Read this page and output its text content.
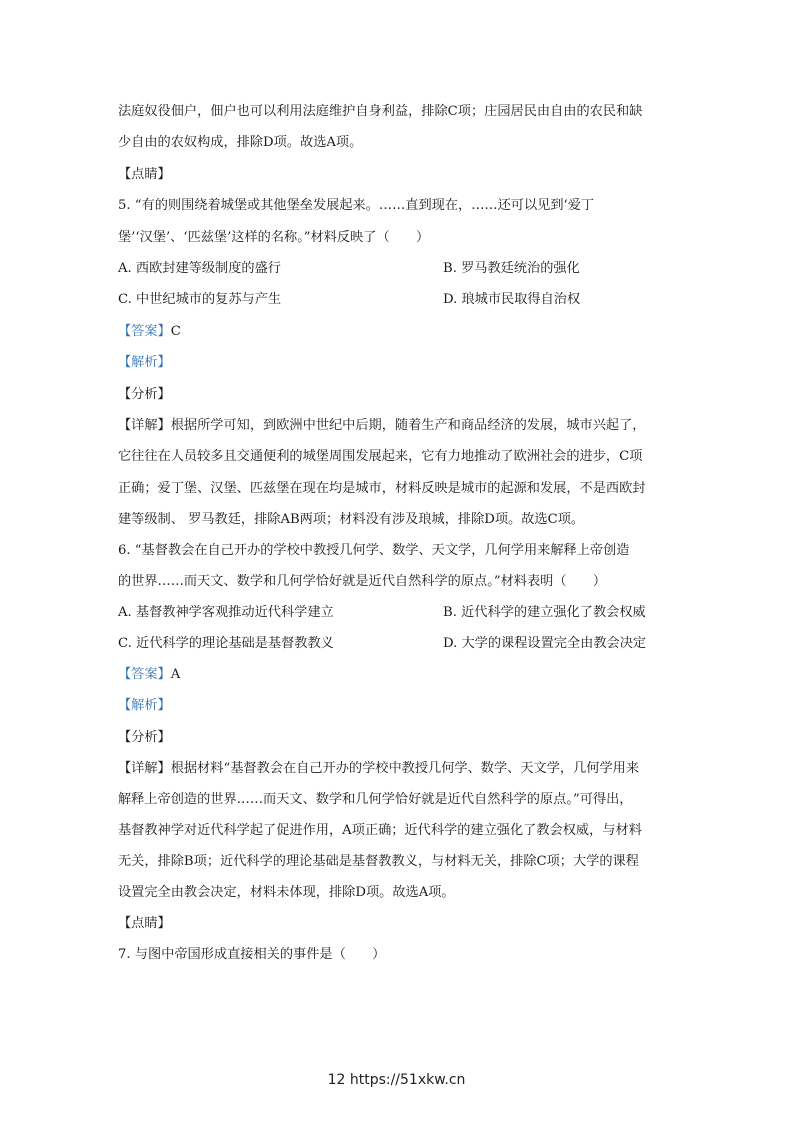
法庭奴役佃户，佃户也可以利用法庭维护自身利益，排除C项；庄园居民由自由的农民和缺
少自由的农奴构成，排除D项。故选A项。
【点睛】
5. “有的则围绕着城堡或其他堡垒发展起来。……直到现在，……还可以见到‘爱丁
堡’‘汉堡’、‘匹兹堡’这样的名称。”材料反映了（　　）
A. 西欧封建等级制度的盛行	B. 罗马教廷统治的强化
C. 中世纪城市的复苏与产生	D. 琅城市民取得自治权
【答案】C
【解析】
【分析】
【详解】根据所学可知，到欧洲中世纪中后期，随着生产和商品经济的发展，城市兴起了，
它往往在人员较多且交通便利的城堡周围发展起来，它有力地推动了欧洲社会的进步，C项
正确；爱丁堡、汉堡、匹兹堡在现在均是城市，材料反映是城市的起源和发展，不是西欧封
建等级制、 罗马教廷，排除AB两项；材料没有涉及琅城，排除D项。故选C项。
6. “基督教会在自己开办的学校中教授几何学、数学、天文学，几何学用来解释上帝创造
的世界……而天文、数学和几何学恰好就是近代自然科学的原点。”材料表明（　　）
A. 基督教神学客观推动近代科学建立	B. 近代科学的建立强化了教会权威
C. 近代科学的理论基础是基督教教义	D. 大学的课程设置完全由教会决定
【答案】A
【解析】
【分析】
【详解】根据材料“基督教会在自己开办的学校中教授几何学、数学、天文学，几何学用来
解释上帝创造的世界……而天文、数学和几何学恰好就是近代自然科学的原点。”可得出，
基督教神学对近代科学起了促进作用，A项正确；近代科学的建立强化了教会权威，与材料
无关，排除B项；近代科学的理论基础是基督教教义，与材料无关，排除C项；大学的课程
设置完全由教会决定，材料未体现，排除D项。故选A项。
【点睛】
7. 与图中帝国形成直接相关的事件是（　　）
12 https://51xkw.cn
